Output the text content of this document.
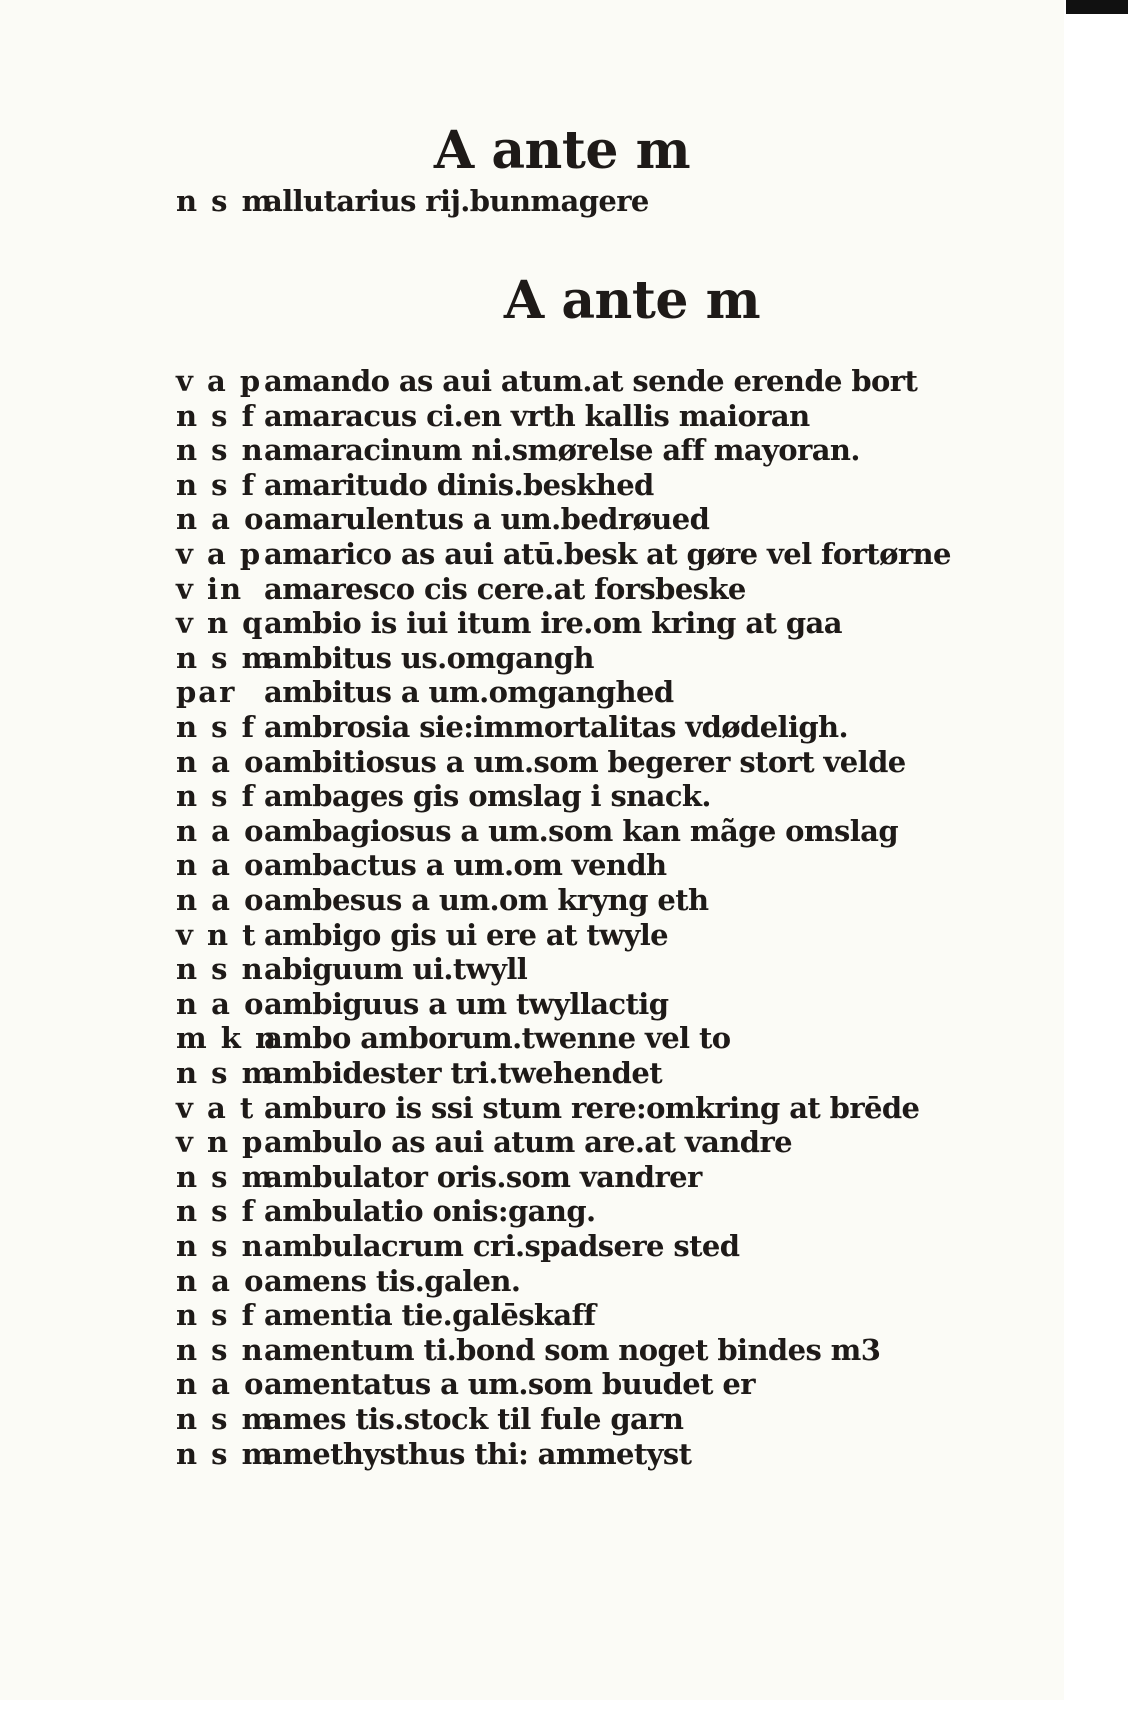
A ante m
n s mallutarius rij.bunmagere
A ante m
v a pamando as aui atum.at sende erende bort
n s f amaracus ci.en vrth kallis maioran
n s namaracinum ni.smørelse aff mayoran.
n s f amaritudo dinis.beskhed
n a oamarulentus a um.bedrøued
v a pamarico as aui atū.besk at gøre vel fortørne
v in amaresco cis cere.at forsbeske
v n qambio is iui itum ire.om kring at gaa
n s mambitus us.omgangh
par ambitus a um.omganghed
n s f ambrosia sie:immortalitas vdødeligh.
n a oambitiosus a um.som begerer stort velde
n s f ambages gis omslag i snack.
n a oambagiosus a um.som kan mãge omslag
n a oambactus a um.om vendh
n a oambesus a um.om kryng eth
v n t ambigo gis ui ere at twyle
n s nabiguum ui.twyll
n a oambiguus a um twyllactig
m k nambo amborum.twenne vel to
n s mambidester tri.twehendet
v a t amburo is ssi stum rere:omkring at brēde
v n pambulo as aui atum are.at vandre
n s mambulator oris.som vandrer
n s f ambulatio onis:gang.
n s nambulacrum cri.spadsere sted
n a oamens tis.galen.
n s f amentia tie.galēskaff
n s namentum ti.bond som noget bindes m3
n a oamentatus a um.som buudet er
n s mames tis.stock til fule garn
n s mamethysthus thi: ammetyst
